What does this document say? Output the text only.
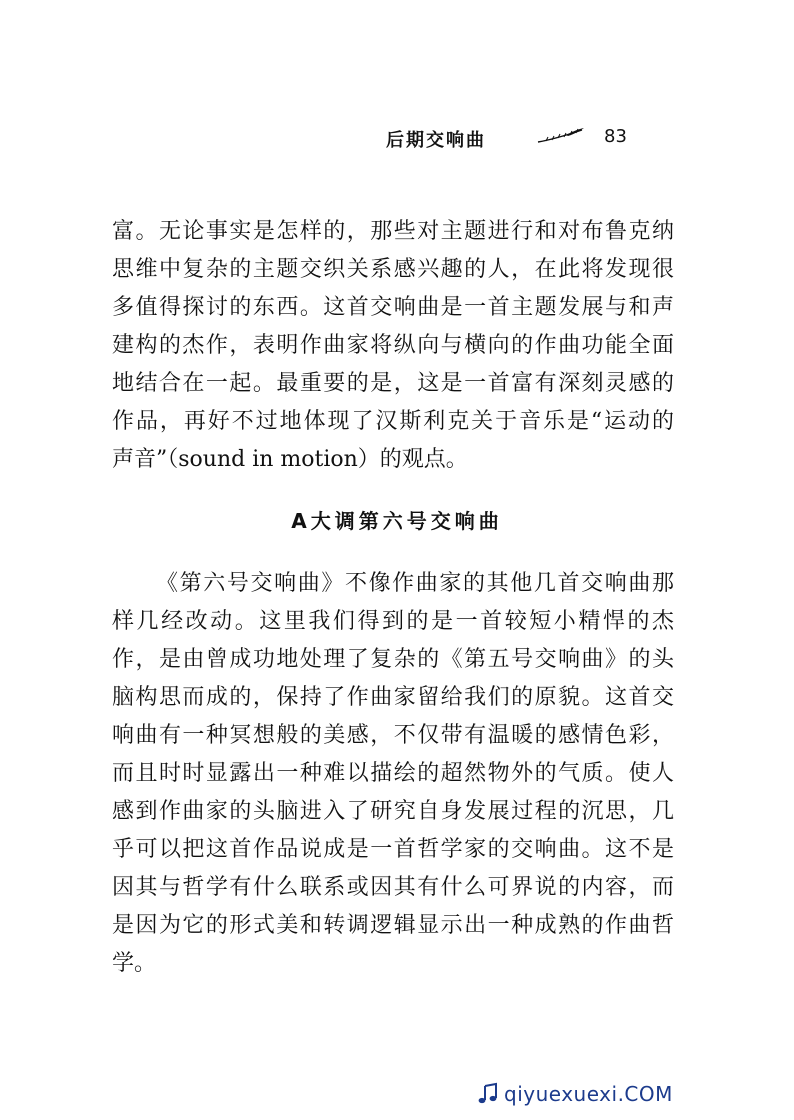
后期交响曲	83
富。无论事实是怎样的，那些对主题进行和对布鲁克纳
思维中复杂的主题交织关系感兴趣的人，在此将发现很
多值得探讨的东西。这首交响曲是一首主题发展与和声
建构的杰作，表明作曲家将纵向与横向的作曲功能全面
地结合在一起。最重要的是，这是一首富有深刻灵感的
作品，再好不过地体现了汉斯利克关于音乐是“运动的
声音”（sound in motion）的观点。
A大调第六号交响曲
《第六号交响曲》不像作曲家的其他几首交响曲那
样几经改动。这里我们得到的是一首较短小精悍的杰
作，是由曾成功地处理了复杂的《第五号交响曲》的头
脑构思而成的，保持了作曲家留给我们的原貌。这首交
响曲有一种冥想般的美感，不仅带有温暖的感情色彩，
而且时时显露出一种难以描绘的超然物外的气质。使人
感到作曲家的头脑进入了研究自身发展过程的沉思，几
乎可以把这首作品说成是一首哲学家的交响曲。这不是
因其与哲学有什么联系或因其有什么可界说的内容，而
是因为它的形式美和转调逻辑显示出一种成熟的作曲哲
学。
qiyuexuexi.COM
